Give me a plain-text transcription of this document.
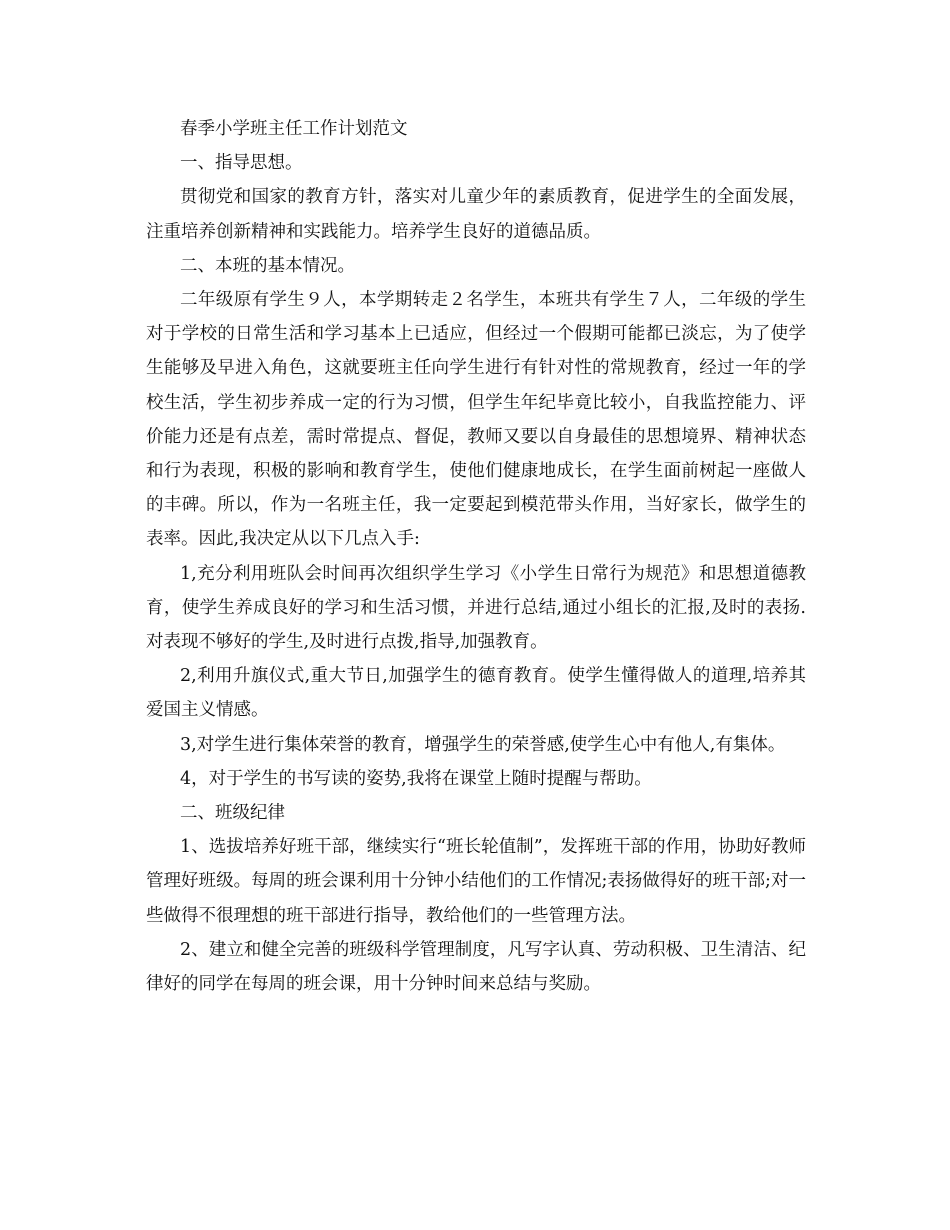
春季小学班主任工作计划范文

一、指导思想。

贯彻党和国家的教育方针，落实对儿童少年的素质教育，促进学生的全面发展，注重培养创新精神和实践能力。培养学生良好的道德品质。

二、本班的基本情况。

二年级原有学生９人，本学期转走２名学生，本班共有学生７人，二年级的学生对于学校的日常生活和学习基本上已适应，但经过一个假期可能都已淡忘，为了使学生能够及早进入角色，这就要班主任向学生进行有针对性的常规教育，经过一年的学校生活，学生初步养成一定的行为习惯，但学生年纪毕竟比较小，自我监控能力、评价能力还是有点差，需时常提点、督促，教师又要以自身最佳的思想境界、精神状态和行为表现，积极的影响和教育学生，使他们健康地成长，在学生面前树起一座做人的丰碑。所以，作为一名班主任，我一定要起到模范带头作用，当好家长，做学生的表率。因此,我决定从以下几点入手:

1,充分利用班队会时间再次组织学生学习《小学生日常行为规范》和思想道德教育，使学生养成良好的学习和生活习惯，并进行总结,通过小组长的汇报,及时的表扬.对表现不够好的学生,及时进行点拨,指导,加强教育。

2,利用升旗仪式,重大节日,加强学生的德育教育。使学生懂得做人的道理,培养其爱国主义情感。

3,对学生进行集体荣誉的教育，增强学生的荣誉感,使学生心中有他人,有集体。

4，对于学生的书写读的姿势,我将在课堂上随时提醒与帮助。

二、班级纪律

1、选拔培养好班干部，继续实行“班长轮值制”，发挥班干部的作用，协助好教师管理好班级。每周的班会课利用十分钟小结他们的工作情况;表扬做得好的班干部;对一些做得不很理想的班干部进行指导，教给他们的一些管理方法。

2、建立和健全完善的班级科学管理制度，凡写字认真、劳动积极、卫生清洁、纪律好的同学在每周的班会课，用十分钟时间来总结与奖励。
